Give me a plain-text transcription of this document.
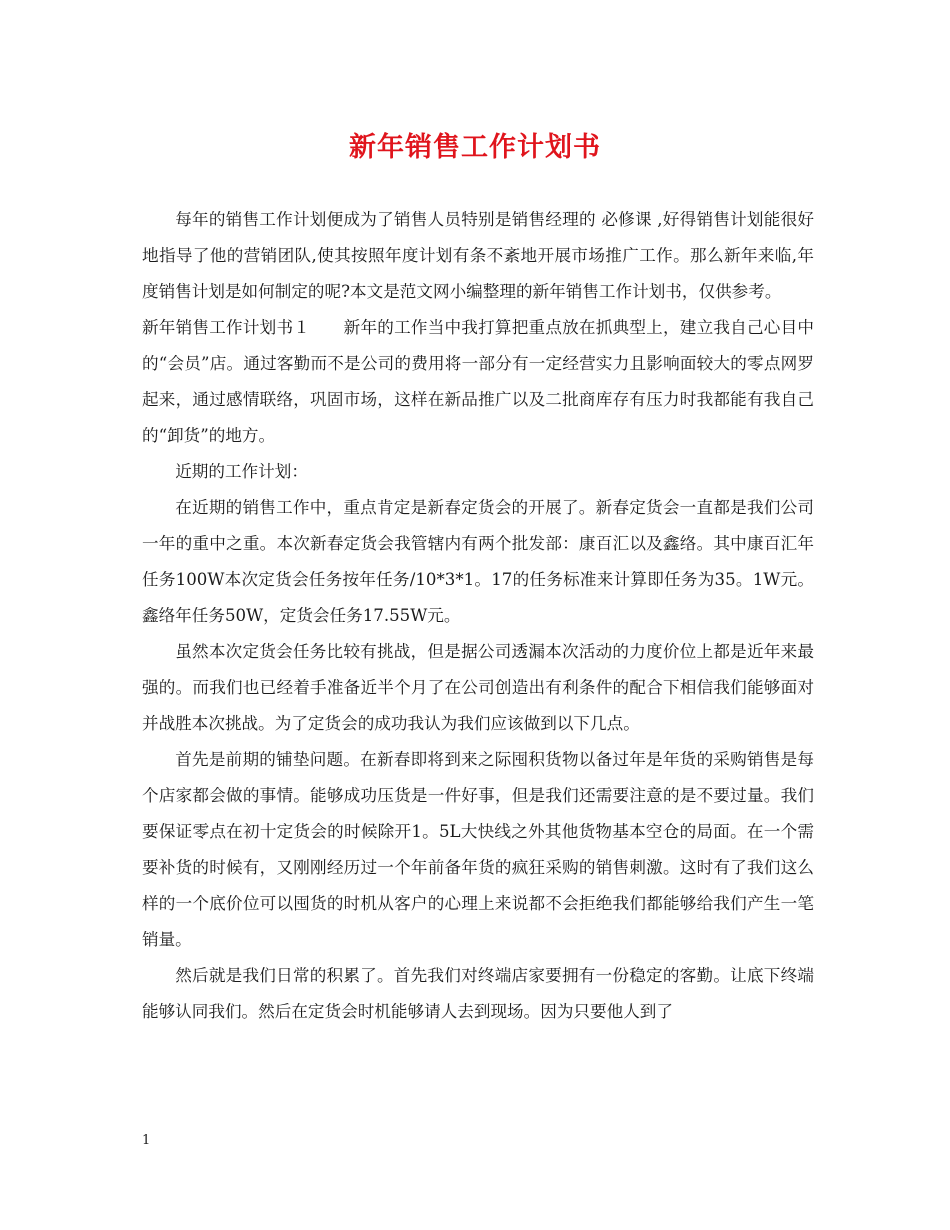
新年销售工作计划书

每年的销售工作计划便成为了销售人员特别是销售经理的 必修课 ,好得销售计划能很好地指导了他的营销团队,使其按照年度计划有条不紊地开展市场推广工作。那么新年来临,年度销售计划是如何制定的呢?本文是范文网小编整理的新年销售工作计划书，仅供参考。

新年销售工作计划书１　　新年的工作当中我打算把重点放在抓典型上，建立我自己心目中的“会员”店。通过客勤而不是公司的费用将一部分有一定经营实力且影响面较大的零点网罗起来，通过感情联络，巩固市场，这样在新品推广以及二批商库存有压力时我都能有我自己的“卸货”的地方。

近期的工作计划：

在近期的销售工作中，重点肯定是新春定货会的开展了。新春定货会一直都是我们公司一年的重中之重。本次新春定货会我管辖内有两个批发部：康百汇以及鑫络。其中康百汇年任务100W本次定货会任务按年任务/10*3*1。17的任务标准来计算即任务为35。1W元。鑫络年任务50W，定货会任务17.55W元。

虽然本次定货会任务比较有挑战，但是据公司透漏本次活动的力度价位上都是近年来最强的。而我们也已经着手准备近半个月了在公司创造出有利条件的配合下相信我们能够面对并战胜本次挑战。为了定货会的成功我认为我们应该做到以下几点。

首先是前期的铺垫问题。在新春即将到来之际囤积货物以备过年是年货的采购销售是每个店家都会做的事情。能够成功压货是一件好事，但是我们还需要注意的是不要过量。我们要保证零点在初十定货会的时候除开1。5L大快线之外其他货物基本空仓的局面。在一个需要补货的时候有，又刚刚经历过一个年前备年货的疯狂采购的销售刺激。这时有了我们这么样的一个底价位可以囤货的时机从客户的心理上来说都不会拒绝我们都能够给我们产生一笔销量。

然后就是我们日常的积累了。首先我们对终端店家要拥有一份稳定的客勤。让底下终端能够认同我们。然后在定货会时机能够请人去到现场。因为只要他人到了

1
